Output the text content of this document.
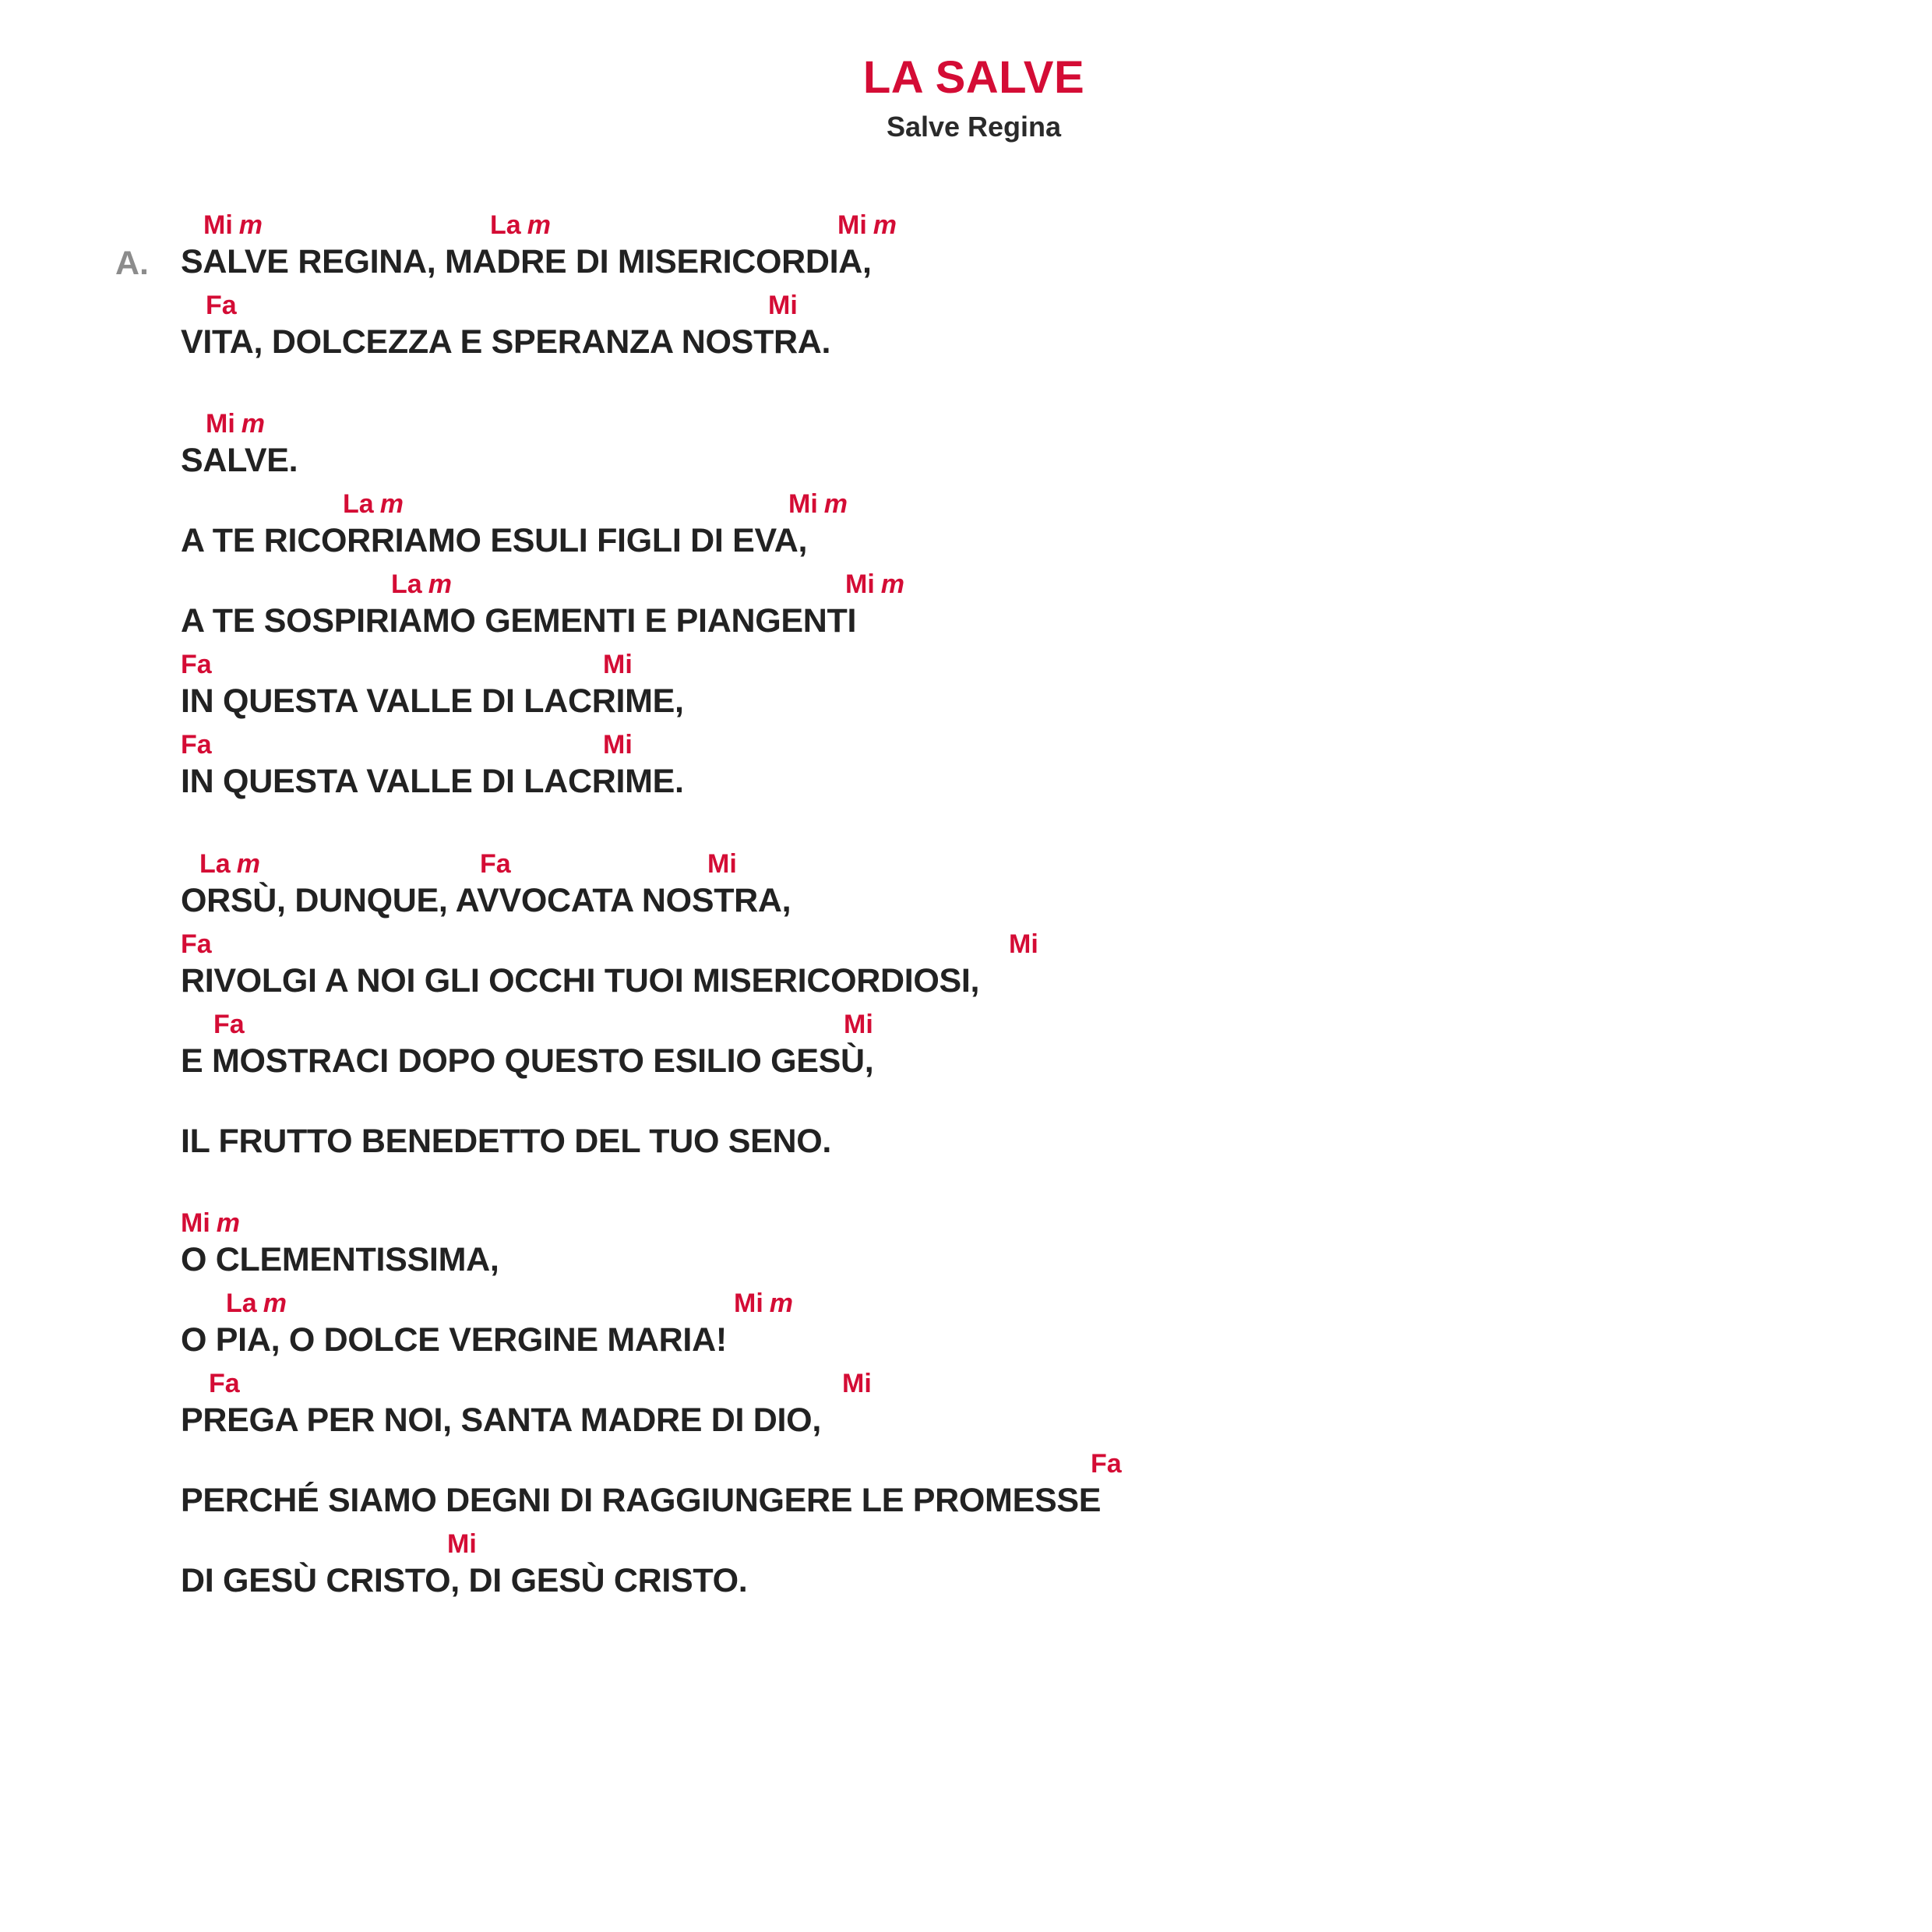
LA SALVE
Salve Regina
A.
Mi m	La m	Mi m
SALVE REGINA, MADRE DI MISERICORDIA,
Fa	Mi
VITA, DOLCEZZA E SPERANZA NOSTRA.
Mi m
SALVE.
La m	Mi m
A TE RICORRIAMO ESULI FIGLI DI EVA,
La m	Mi m
A TE SOSPIRIAMO GEMENTI E PIANGENTI
Fa	Mi
IN QUESTA VALLE DI LACRIME,
Fa	Mi
IN QUESTA VALLE DI LACRIME.
La m	Fa	Mi
ORSÙ, DUNQUE, AVVOCATA NOSTRA,
Fa	Mi
RIVOLGI A NOI GLI OCCHI TUOI MISERICORDIOSI,
Fa	Mi
E MOSTRACI DOPO QUESTO ESILIO GESÙ,
IL FRUTTO BENEDETTO DEL TUO SENO.
Mi m
O CLEMENTISSIMA,
La m	Mi m
O PIA, O DOLCE VERGINE MARIA!
Fa	Mi
PREGA PER NOI, SANTA MADRE DI DIO,
Fa
PERCHÉ SIAMO DEGNI DI RAGGIUNGERE LE PROMESSE
Mi
DI GESÙ CRISTO, DI GESÙ CRISTO.
